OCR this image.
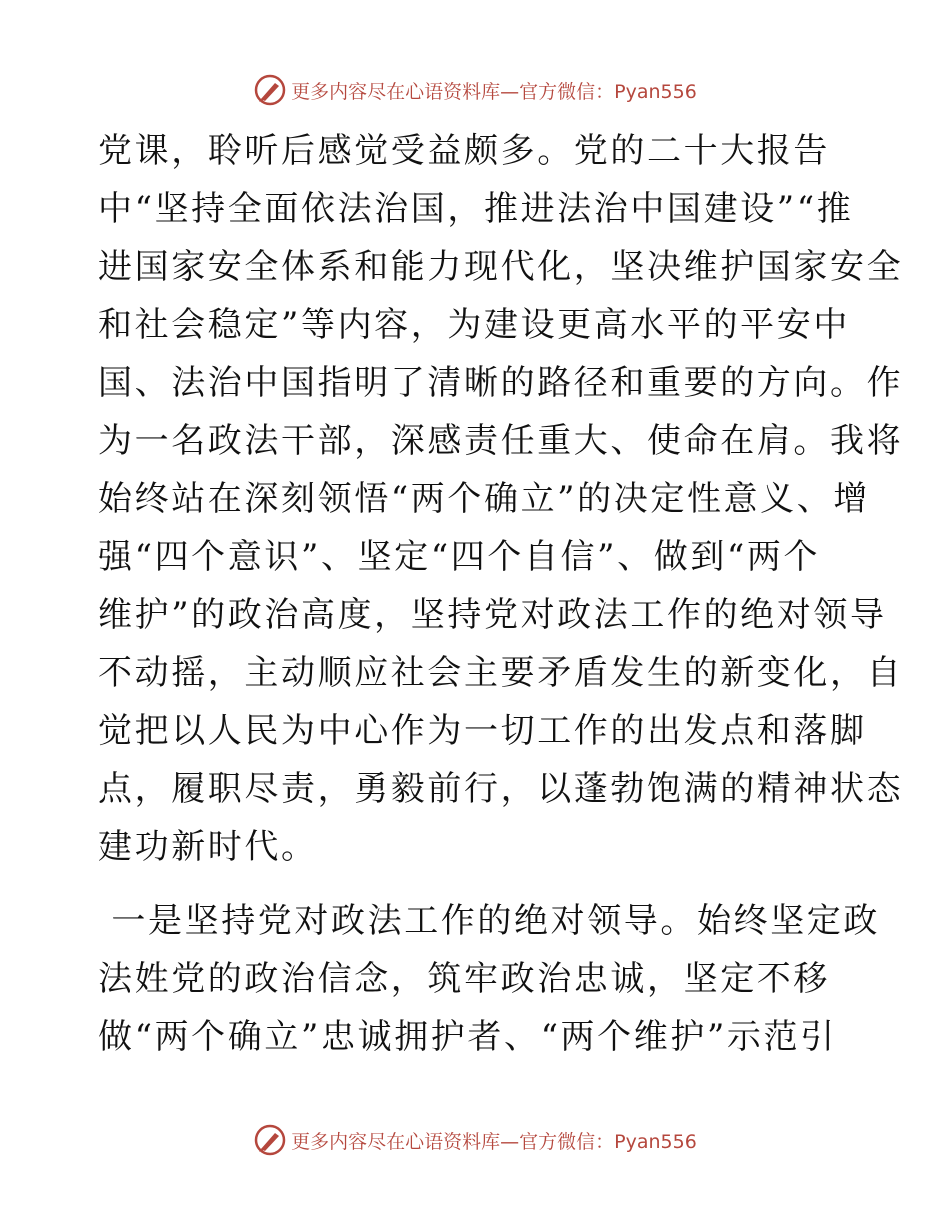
更多内容尽在心语资料库—官方微信：Pyan556
党课，聆听后感觉受益颇多。党的二十大报告
中“坚持全面依法治国，推进法治中国建设”“推
进国家安全体系和能力现代化，坚决维护国家安全
和社会稳定”等内容，为建设更高水平的平安中
国、法治中国指明了清晰的路径和重要的方向。作
为一名政法干部，深感责任重大、使命在肩。我将
始终站在深刻领悟“两个确立”的决定性意义、增
强“四个意识”、坚定“四个自信”、做到“两个
维护”的政治高度，坚持党对政法工作的绝对领导
不动摇，主动顺应社会主要矛盾发生的新变化，自
觉把以人民为中心作为一切工作的出发点和落脚
点，履职尽责，勇毅前行，以蓬勃饱满的精神状态
建功新时代。
一是坚持党对政法工作的绝对领导。始终坚定政
法姓党的政治信念，筑牢政治忠诚，坚定不移
做“两个确立”忠诚拥护者、“两个维护”示范引
更多内容尽在心语资料库—官方微信：Pyan556
